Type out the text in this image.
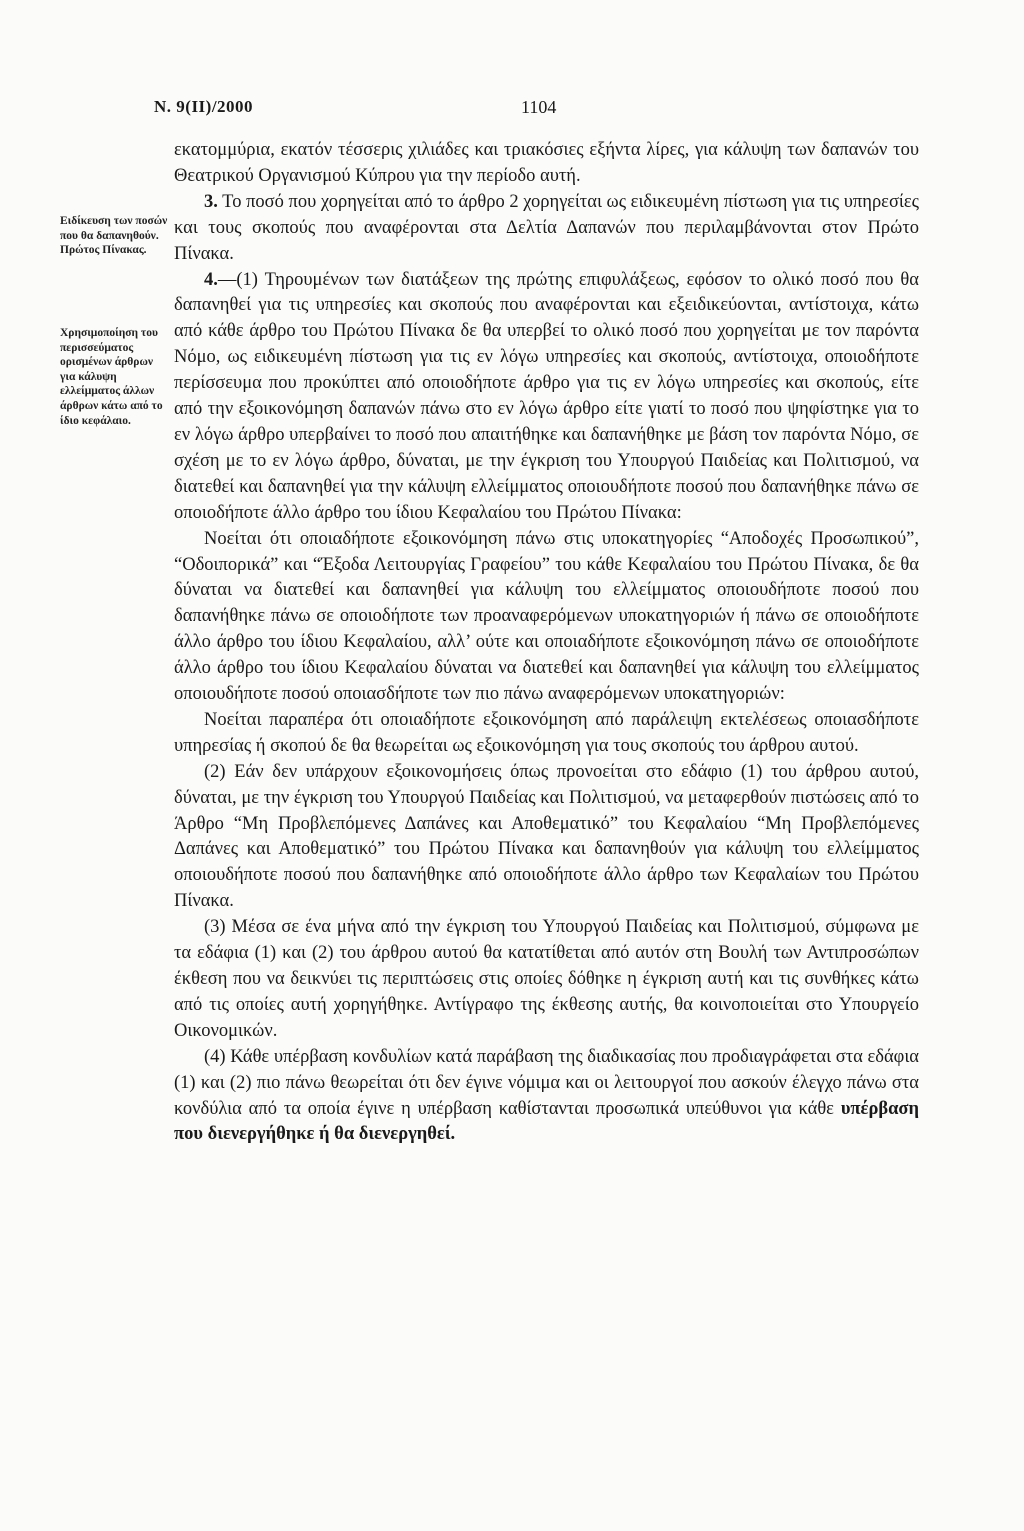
Ν. 9(ΙΙ)/2000	1104
Ειδίκευση των ποσών που θα δαπανηθούν. Πρώτος Πίνακας.
Χρησιμοποίηση του περισσεύματος ορισμένων άρθρων για κάλυψη ελλείμματος άλλων άρθρων κάτω από το ίδιο κεφάλαιο.

εκατομμύρια, εκατόν τέσσερις χιλιάδες και τριακόσιες εξήντα λίρες, για κάλυψη των δαπανών του Θεατρικού Οργανισμού Κύπρου για την περίοδο αυτή.

3. Το ποσό που χορηγείται από το άρθρο 2 χορηγείται ως ειδικευμένη πίστωση για τις υπηρεσίες και τους σκοπούς που αναφέρονται στα Δελτία Δαπανών που περιλαμβάνονται στον Πρώτο Πίνακα.

4.—(1) Τηρουμένων των διατάξεων της πρώτης επιφυλάξεως, εφόσον το ολικό ποσό που θα δαπανηθεί για τις υπηρεσίες και σκοπούς που αναφέρονται και εξειδικεύονται, αντίστοιχα, κάτω από κάθε άρθρο του Πρώτου Πίνακα δε θα υπερβεί το ολικό ποσό που χορηγείται με τον παρόντα Νόμο, ως ειδικευμένη πίστωση για τις εν λόγω υπηρεσίες και σκοπούς, αντίστοιχα, οποιοδήποτε περίσσευμα που προκύπτει από οποιοδήποτε άρθρο για τις εν λόγω υπηρεσίες και σκοπούς, είτε από την εξοικονόμηση δαπανών πάνω στο εν λόγω άρθρο είτε γιατί το ποσό που ψηφίστηκε για το εν λόγω άρθρο υπερβαίνει το ποσό που απαιτήθηκε και δαπανήθηκε με βάση τον παρόντα Νόμο, σε σχέση με το εν λόγω άρθρο, δύναται, με την έγκριση του Υπουργού Παιδείας και Πολιτισμού, να διατεθεί και δαπανηθεί για την κάλυψη ελλείμματος οποιουδήποτε ποσού που δαπανήθηκε πάνω σε οποιοδήποτε άλλο άρθρο του ίδιου Κεφαλαίου του Πρώτου Πίνακα:

Νοείται ότι οποιαδήποτε εξοικονόμηση πάνω στις υποκατηγορίες “Αποδοχές Προσωπικού”, “Οδοιπορικά” και “Έξοδα Λειτουργίας Γραφείου” του κάθε Κεφαλαίου του Πρώτου Πίνακα, δε θα δύναται να διατεθεί και δαπανηθεί για κάλυψη του ελλείμματος οποιουδήποτε ποσού που δαπανήθηκε πάνω σε οποιοδήποτε των προαναφερόμενων υποκατηγοριών ή πάνω σε οποιοδήποτε άλλο άρθρο του ίδιου Κεφαλαίου, αλλ’ ούτε και οποιαδήποτε εξοικονόμηση πάνω σε οποιοδήποτε άλλο άρθρο του ίδιου Κεφαλαίου δύναται να διατεθεί και δαπανηθεί για κάλυψη του ελλείμματος οποιουδήποτε ποσού οποιασδήποτε των πιο πάνω αναφερόμενων υποκατηγοριών:

Νοείται παραπέρα ότι οποιαδήποτε εξοικονόμηση από παράλειψη εκτελέσεως οποιασδήποτε υπηρεσίας ή σκοπού δε θα θεωρείται ως εξοικονόμηση για τους σκοπούς του άρθρου αυτού.

(2) Εάν δεν υπάρχουν εξοικονομήσεις όπως προνοείται στο εδάφιο (1) του άρθρου αυτού, δύναται, με την έγκριση του Υπουργού Παιδείας και Πολιτισμού, να μεταφερθούν πιστώσεις από το Άρθρο “Μη Προβλεπόμενες Δαπάνες και Αποθεματικό” του Κεφαλαίου “Μη Προβλεπόμενες Δαπάνες και Αποθεματικό” του Πρώτου Πίνακα και δαπανηθούν για κάλυψη του ελλείμματος οποιουδήποτε ποσού που δαπανήθηκε από οποιοδήποτε άλλο άρθρο των Κεφαλαίων του Πρώτου Πίνακα.

(3) Μέσα σε ένα μήνα από την έγκριση του Υπουργού Παιδείας και Πολιτισμού, σύμφωνα με τα εδάφια (1) και (2) του άρθρου αυτού θα κατατίθεται από αυτόν στη Βουλή των Αντιπροσώπων έκθεση που να δεικνύει τις περιπτώσεις στις οποίες δόθηκε η έγκριση αυτή και τις συνθήκες κάτω από τις οποίες αυτή χορηγήθηκε. Αντίγραφο της έκθεσης αυτής, θα κοινοποιείται στο Υπουργείο Οικονομικών.

(4) Κάθε υπέρβαση κονδυλίων κατά παράβαση της διαδικασίας που προδιαγράφεται στα εδάφια (1) και (2) πιο πάνω θεωρείται ότι δεν έγινε νόμιμα και οι λειτουργοί που ασκούν έλεγχο πάνω στα κονδύλια από τα οποία έγινε η υπέρβαση καθίστανται προσωπικά υπεύθυνοι για κάθε υπέρβαση που διενεργήθηκε ή θα διενεργηθεί.
